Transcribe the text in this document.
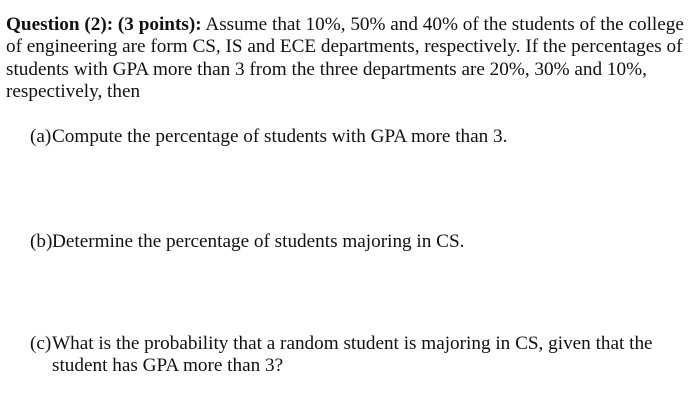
Question (2): (3 points): Assume that 10%, 50% and 40% of the students of the college of engineering are form CS, IS and ECE departments, respectively. If the percentages of students with GPA more than 3 from the three departments are 20%, 30% and 10%, respectively, then
(a) Compute the percentage of students with GPA more than 3.
(b) Determine the percentage of students majoring in CS.
(c) What is the probability that a random student is majoring in CS, given that the student has GPA more than 3?
